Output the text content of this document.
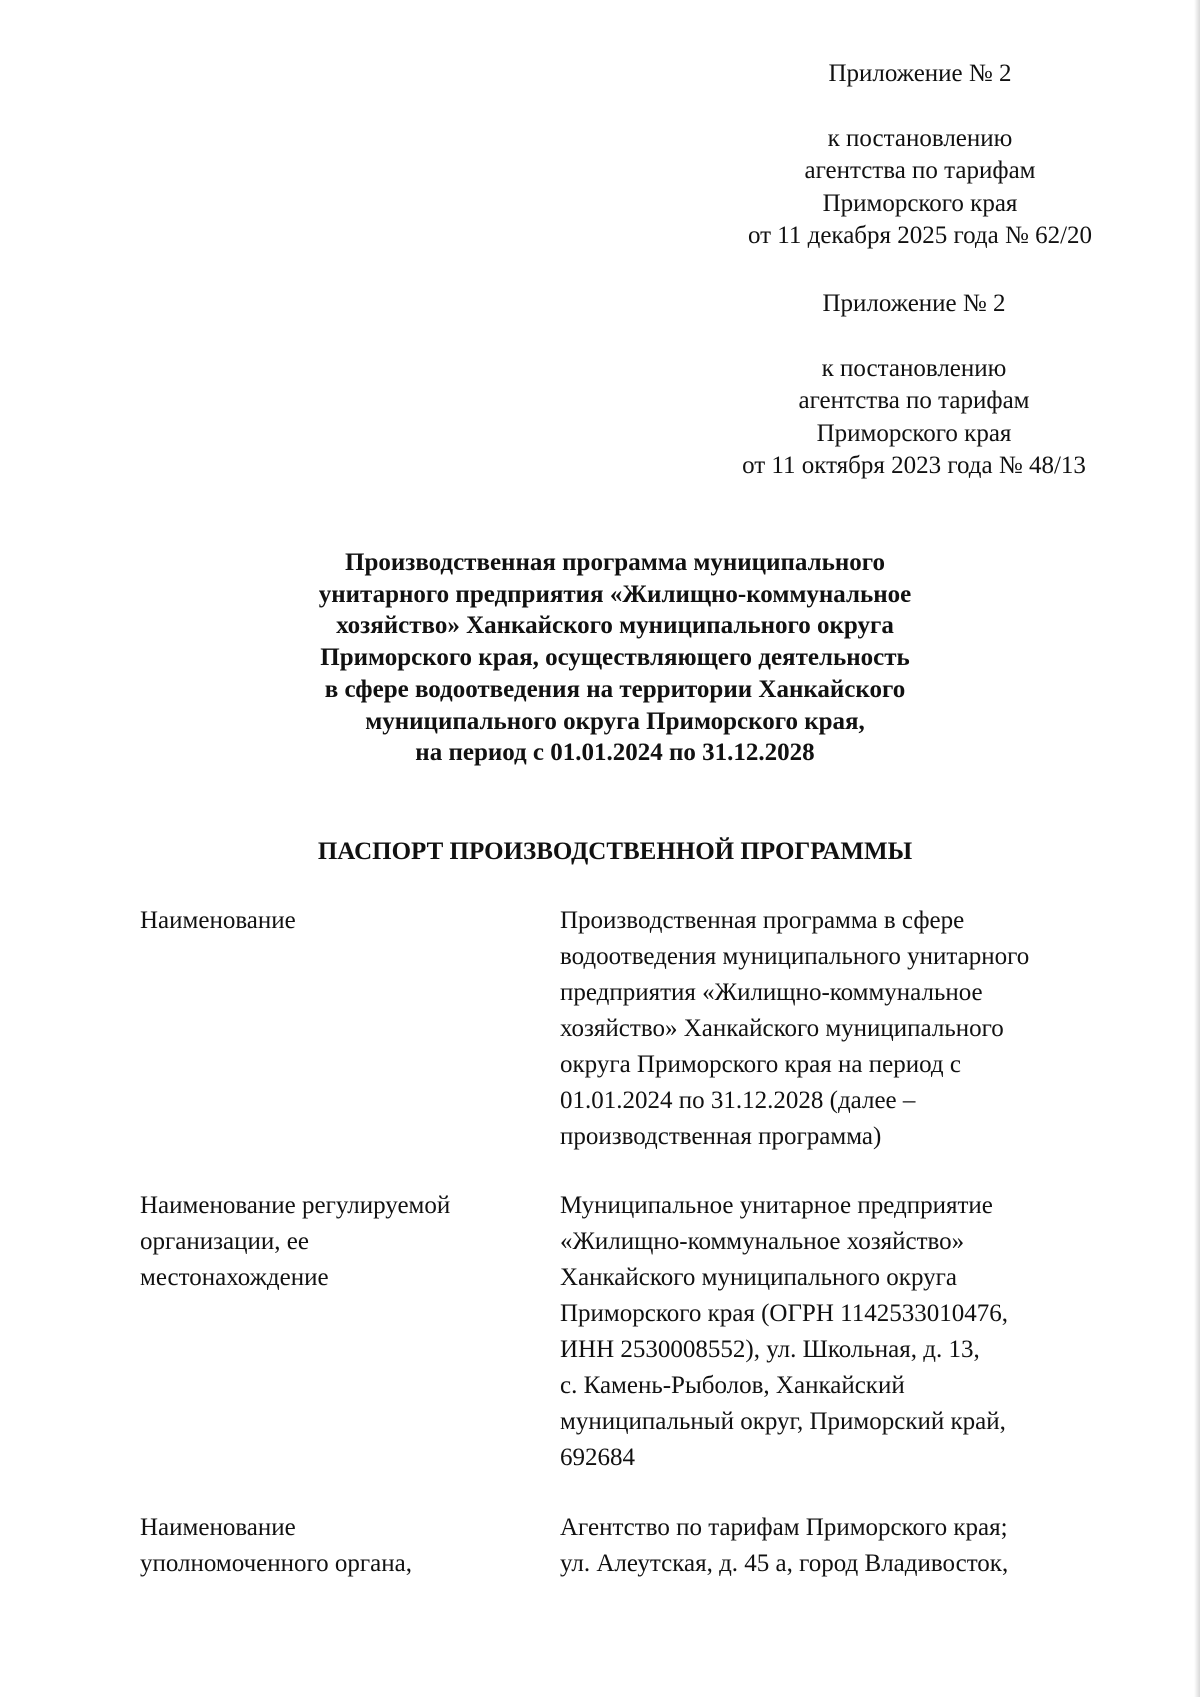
Приложение № 2
к постановлению
агентства по тарифам
Приморского края
от 11 декабря 2025 года № 62/20
Приложение № 2
к постановлению
агентства по тарифам
Приморского края
от 11 октября 2023 года № 48/13
Производственная программа муниципального
унитарного предприятия «Жилищно-коммунальное
хозяйство» Ханкайского муниципального округа
Приморского края, осуществляющего деятельность
в сфере водоотведения на территории Ханкайского
муниципального округа Приморского края,
на период с 01.01.2024 по 31.12.2028
ПАСПОРТ ПРОИЗВОДСТВЕННОЙ ПРОГРАММЫ
Наименование	Производственная программа в сфере
водоотведения муниципального унитарного
предприятия «Жилищно-коммунальное
хозяйство» Ханкайского муниципального
округа Приморского края на период с
01.01.2024 по 31.12.2028 (далее –
производственная программа)
Наименование регулируемой
организации, ее
местонахождение
Муниципальное унитарное предприятие
«Жилищно-коммунальное хозяйство»
Ханкайского муниципального округа
Приморского края (ОГРН 1142533010476,
ИНН 2530008552), ул. Школьная, д. 13,
с. Камень-Рыболов, Ханкайский
муниципальный округ, Приморский край,
692684
Наименование
уполномоченного органа,
Агентство по тарифам Приморского края;
ул. Алеутская, д. 45 а, город Владивосток,
